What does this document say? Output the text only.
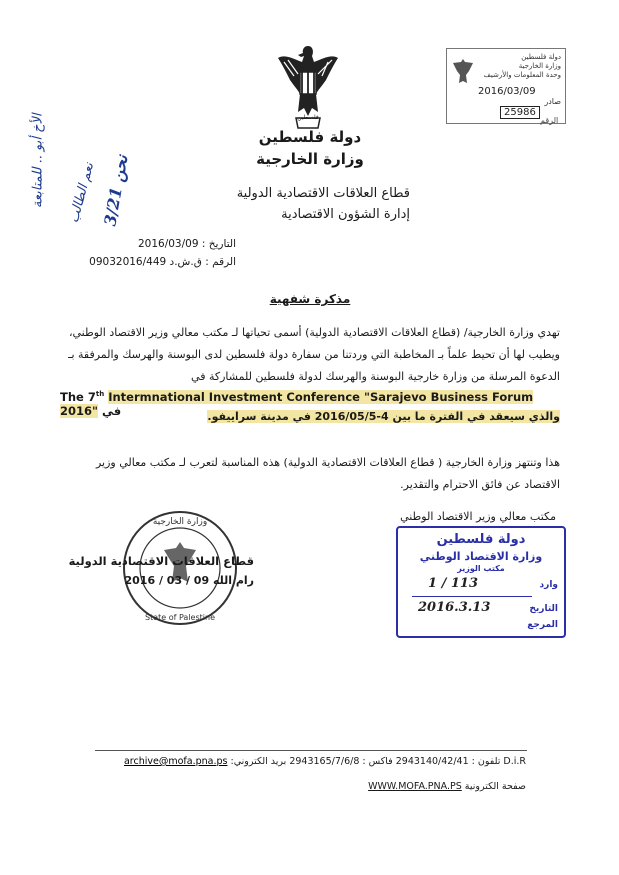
فلسطين
دولة فلسطين
وزارة الخارجية
قطاع العلاقات الاقتصادية الدولية
إدارة الشؤون الاقتصادية
التاريخ : 2016/03/09
الرقم : ق.ش.د 09032016/449
دولة فلسطين
وزارة الخارجية
وحدة المعلومات والأرشيف
صادر
2016/03/09
25986
الرقم
الأخ أبو .. للمتابعة	نعم الطالب نحن 3/21
مذكرة شفهية
تهدي وزارة الخارجية/ (قطاع العلاقات الاقتصادية الدولية) أسمى تحياتها لـ مكتب معالي وزير الاقتصاد الوطني، ويطيب لها أن تحيط علماً بـ المخاطبة التي وردتنا من سفارة دولة فلسطين لدى البوسنة والهرسك والمرفقة بـ الدعوة المرسلة من وزارة خارجية البوسنة والهرسك لدولة فلسطين للمشاركة في
The 7th Intermnational Investment Conference "Sarajevo Business Forum 2016" في	والذي سيعقد في الفترة ما بين 4-2016/05/5 في مدينة سراييفو.
هذا وتنتهز وزارة الخارجية ( قطاع العلاقات الاقتصادية الدولية) هذه المناسبة لتعرب لـ مكتب معالي وزير الاقتصاد عن فائق الاحترام والتقدير.
مكتب معالي وزير الاقتصاد الوطني
وزارة الخارجية
State of Palestine
قطاع العلاقات الاقتصادية الدولية
رام الله 09 / 03 / 2016
دولة فلسطين
وزارة الاقتصاد الوطني
مكتب الوزير
وارد
113 / 1
التاريخ
2016.3.13
المرجع
D.i.R تلفون : 2943140/42/41 فاكس : 2943165/7/6/8 بريد الكتروني: archive@mofa.pna.ps
صفحة الكترونية WWW.MOFA.PNA.PS
